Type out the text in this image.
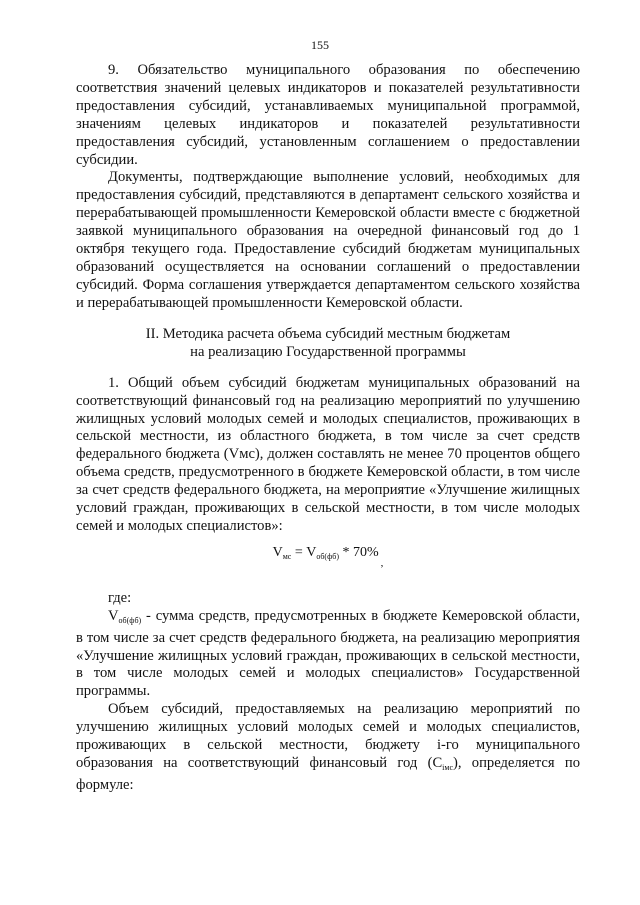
155

9. Обязательство муниципального образования по обеспечению соответствия значений целевых индикаторов и показателей результативности предоставления субсидий, устанавливаемых муниципальной программой, значениям целевых индикаторов и показателей результативности предоставления субсидий, установленным соглашением о предоставлении субсидии.

Документы, подтверждающие выполнение условий, необходимых для предоставления субсидий, представляются в департамент сельского хозяйства и перерабатывающей промышленности Кемеровской области вместе с бюджетной заявкой муниципального образования на очередной финансовый год до 1 октября текущего года. Предоставление субсидий бюджетам муниципальных образований осуществляется на основании соглашений о предоставлении субсидий. Форма соглашения утверждается департаментом сельского хозяйства и перерабатывающей промышленности Кемеровской области.

II. Методика расчета объема субсидий местным бюджетам
на реализацию Государственной программы

1. Общий объем субсидий бюджетам муниципальных образований на соответствующий финансовый год на реализацию мероприятий по улучшению жилищных условий молодых семей и молодых специалистов, проживающих в сельской местности, из областного бюджета, в том числе за счет средств федерального бюджета (Vмс), должен составлять не менее 70 процентов общего объема средств, предусмотренного в бюджете Кемеровской области, в том числе за счет средств федерального бюджета, на мероприятие «Улучшение жилищных условий граждан, проживающих в сельской местности, в том числе молодых семей и молодых специалистов»:

$V_{мс} = V_{об(фб)} * 70\%_,$

где:

$V_{об(фб)}$ - сумма средств, предусмотренных в бюджете Кемеровской области, в том числе за счет средств федерального бюджета, на реализацию мероприятия «Улучшение жилищных условий граждан, проживающих в сельской местности, в том числе молодых семей и молодых специалистов» Государственной программы.

Объем субсидий, предоставляемых на реализацию мероприятий по улучшению жилищных условий молодых семей и молодых специалистов, проживающих в сельской местности, бюджету i-го муниципального образования на соответствующий финансовый год $(C_{iмс})$, определяется по формуле:
